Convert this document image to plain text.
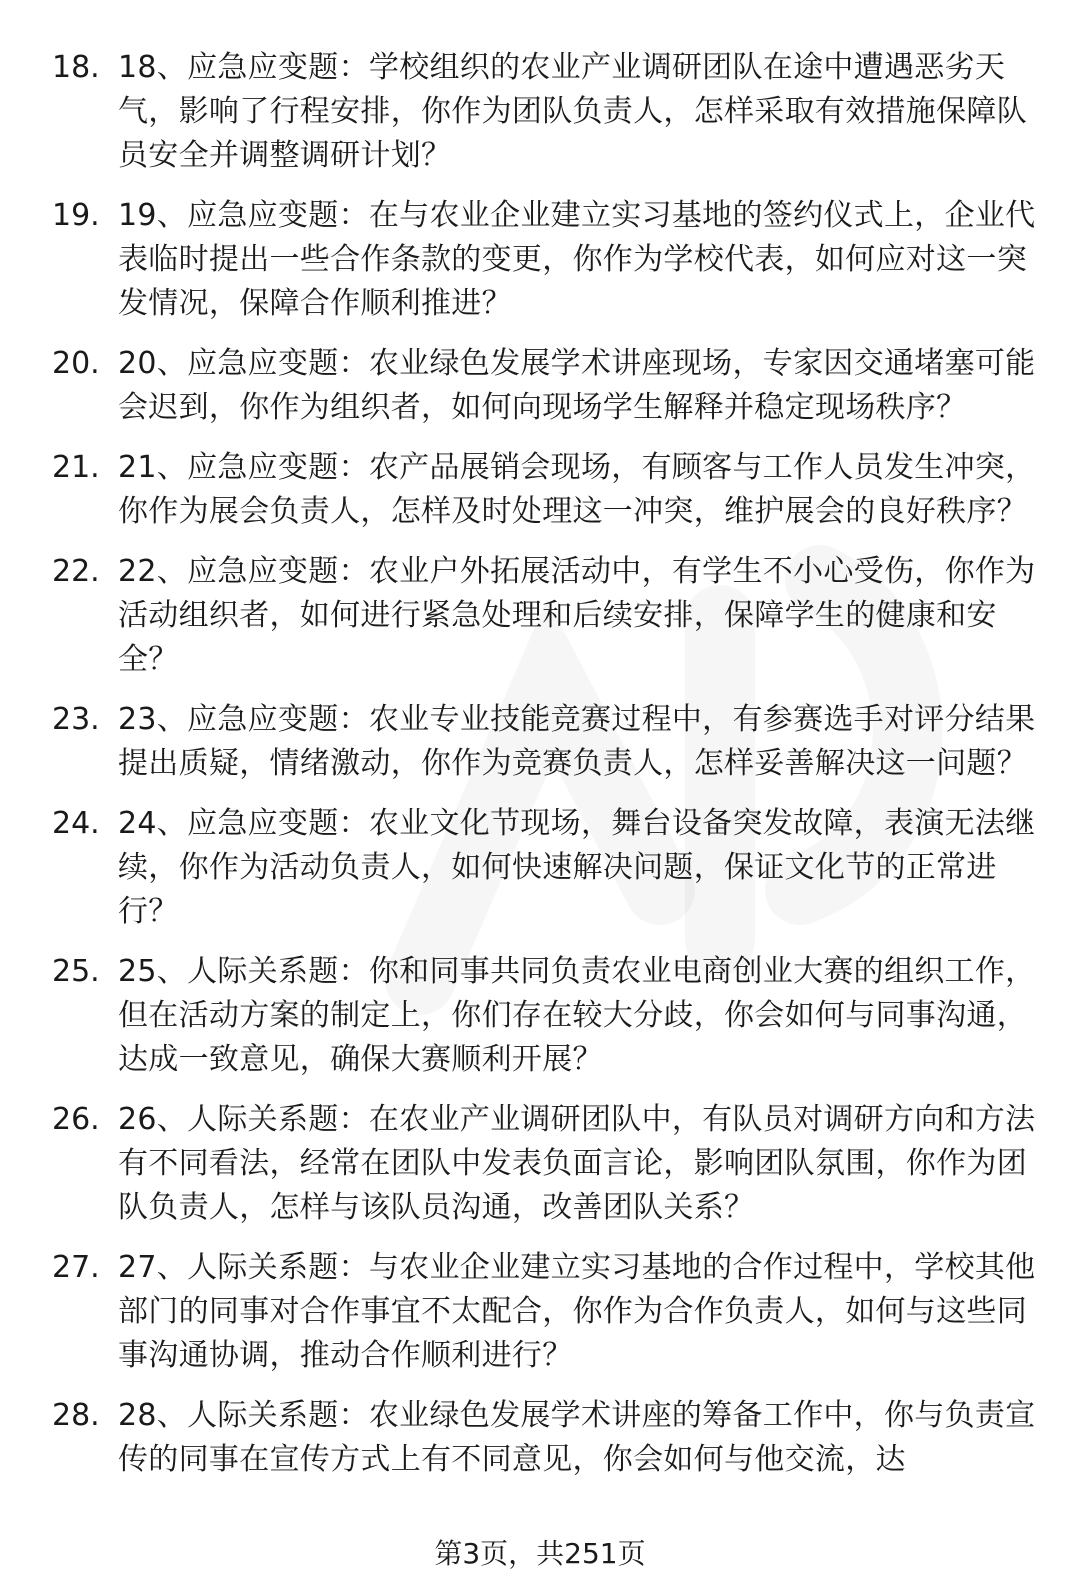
18. 18、应急应变题：学校组织的农业产业调研团队在途中遭遇恶劣天气，影响了行程安排，你作为团队负责人，怎样采取有效措施保障队员安全并调整调研计划？
19. 19、应急应变题：在与农业企业建立实习基地的签约仪式上，企业代表临时提出一些合作条款的变更，你作为学校代表，如何应对这一突发情况，保障合作顺利推进？
20. 20、应急应变题：农业绿色发展学术讲座现场，专家因交通堵塞可能会迟到，你作为组织者，如何向现场学生解释并稳定现场秩序？
21. 21、应急应变题：农产品展销会现场，有顾客与工作人员发生冲突，你作为展会负责人，怎样及时处理这一冲突，维护展会的良好秩序？
22. 22、应急应变题：农业户外拓展活动中，有学生不小心受伤，你作为活动组织者，如何进行紧急处理和后续安排，保障学生的健康和安全？
23. 23、应急应变题：农业专业技能竞赛过程中，有参赛选手对评分结果提出质疑，情绪激动，你作为竞赛负责人，怎样妥善解决这一问题？
24. 24、应急应变题：农业文化节现场，舞台设备突发故障，表演无法继续，你作为活动负责人，如何快速解决问题，保证文化节的正常进行？
25. 25、人际关系题：你和同事共同负责农业电商创业大赛的组织工作，但在活动方案的制定上，你们存在较大分歧，你会如何与同事沟通，达成一致意见，确保大赛顺利开展？
26. 26、人际关系题：在农业产业调研团队中，有队员对调研方向和方法有不同看法，经常在团队中发表负面言论，影响团队氛围，你作为团队负责人，怎样与该队员沟通，改善团队关系？
27. 27、人际关系题：与农业企业建立实习基地的合作过程中，学校其他部门的同事对合作事宜不太配合，你作为合作负责人，如何与这些同事沟通协调，推动合作顺利进行？
28. 28、人际关系题：农业绿色发展学术讲座的筹备工作中，你与负责宣传的同事在宣传方式上有不同意见，你会如何与他交流，达
第3页，共251页
